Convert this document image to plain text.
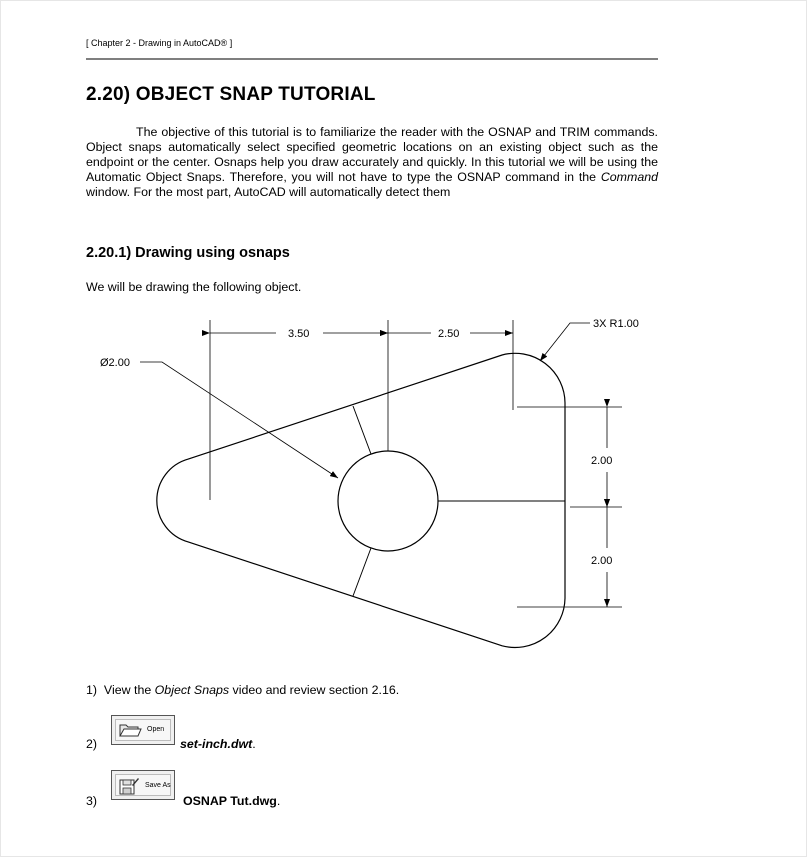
[ Chapter 2 - Drawing in AutoCAD® ]
2.20) OBJECT SNAP TUTORIAL

The objective of this tutorial is to familiarize the reader with the OSNAP and TRIM commands. Object snaps automatically select specified geometric locations on an existing object such as the endpoint or the center. Osnaps help you draw accurately and quickly. In this tutorial we will be using the Automatic Object Snaps. Therefore, you will not have to type the OSNAP command in the Command window. For the most part, AutoCAD will automatically detect them

2.20.1) Drawing using osnaps
We will be drawing the following object.
3.50	2.50
3X R1.00
Ø2.00
2.00
2.00
1) View the Object Snaps video and review section 2.16.
2)
Open
set-inch.dwt.
3)
Save As
OSNAP Tut.dwg.
